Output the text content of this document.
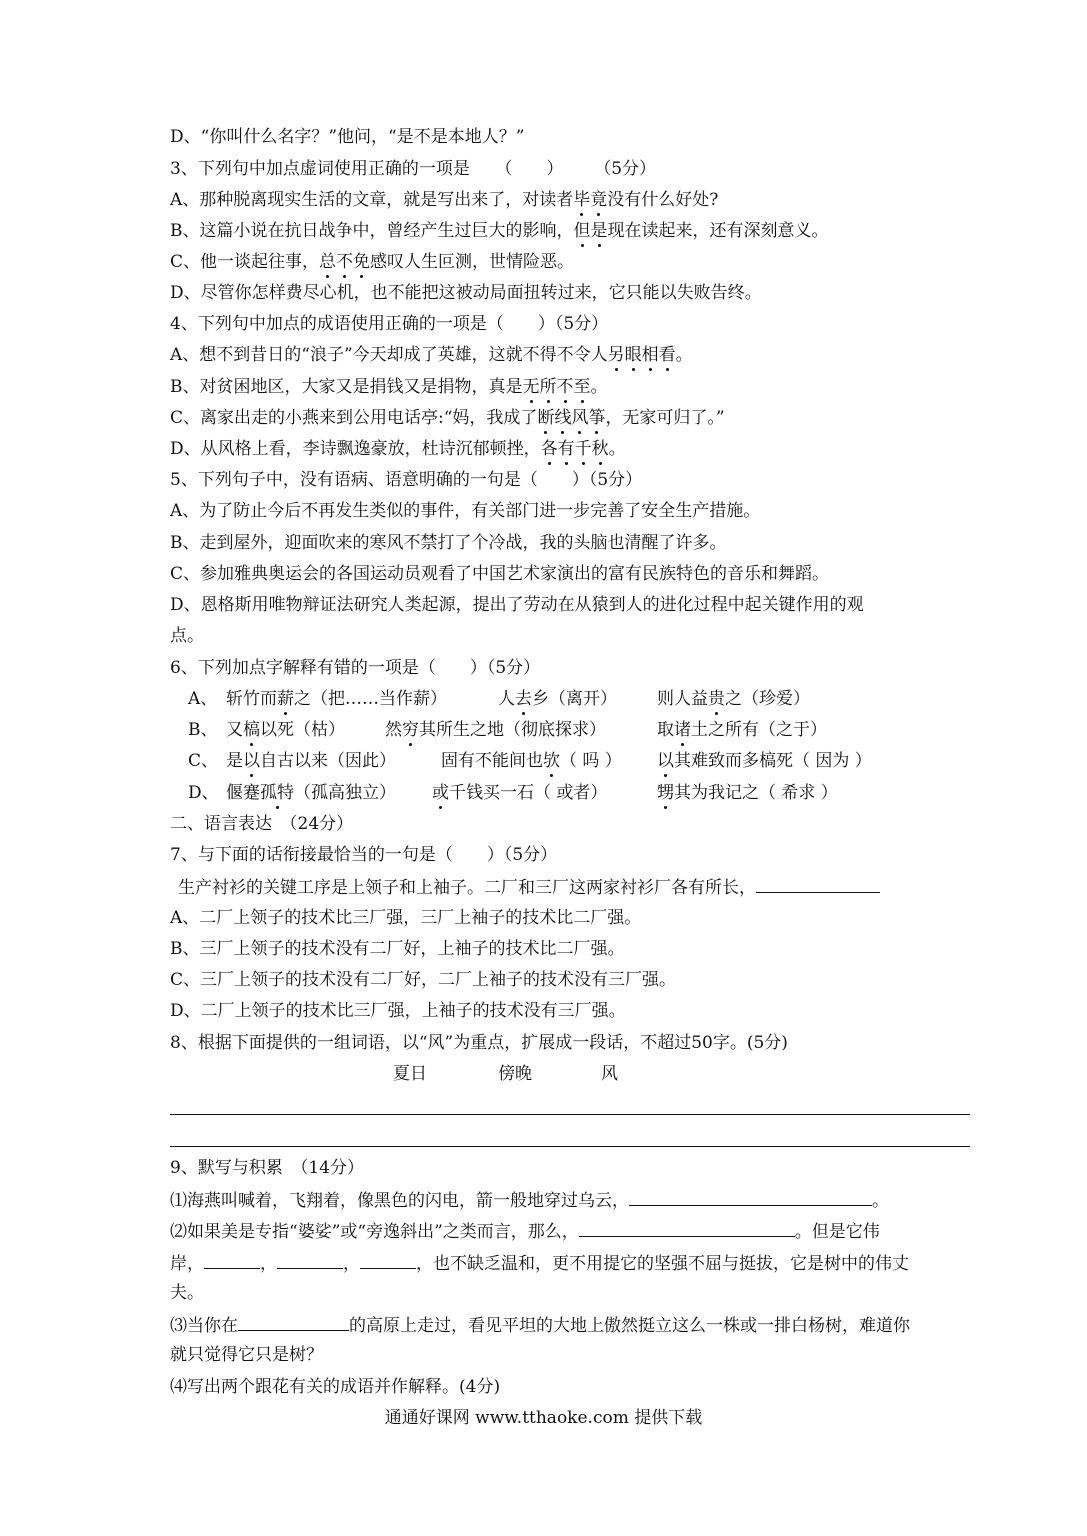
D、“你叫什么名字？”他问，“是不是本地人？”
3、下列句中加点虚词使用正确的一项是　　（　　）　　 （5分）
A、那种脱离现实生活的文章，就是写出来了，对读者毕竟没有什么好处?
B、这篇小说在抗日战争中，曾经产生过巨大的影响，但是现在读起来，还有深刻意义。
C、他一谈起往事，总不免感叹人生叵测，世情险恶。
D、尽管你怎样费尽心机，也不能把这被动局面扭转过来，它只能以失败告终。
4、下列句中加点的成语使用正确的一项是（　　）（5分）
A、想不到昔日的“浪子”今天却成了英雄，这就不得不令人另眼相看。
B、对贫困地区，大家又是捐钱又是捐物，真是无所不至。
C、离家出走的小燕来到公用电话亭:“妈，我成了断线风筝，无家可归了。”
D、从风格上看，李诗飘逸豪放，杜诗沉郁顿挫，各有千秋。
5、下列句子中，没有语病、语意明确的一句是（　　）（5分）
A、为了防止今后不再发生类似的事件，有关部门进一步完善了安全生产措施。
B、走到屋外，迎面吹来的寒风不禁打了个冷战，我的头脑也清醒了许多。
C、参加雅典奥运会的各国运动员观看了中国艺术家演出的富有民族特色的音乐和舞蹈。
D、恩格斯用唯物辩证法研究人类起源，提出了劳动在从猿到人的进化过程中起关键作用的观
点。
6、下列加点字解释有错的一项是（　　）（5分）
A、 斩竹而薪之（把……当作薪）	人去乡（离开） 则人益贵之（珍爱）
B、 又槁以死（枯） 然穷其所生之地（彻底探求）	取诸土之所有（之于）
C、 是以自古以来（因此）	固有不能间也欤（ 吗 ） 以其难致而多槁死（ 因为 ）
D、 偃蹇孤特（孤高独立） 或千钱买一石（ 或者）	甥其为我记之（ 希求 ）
二、语言表达　（24分）
7、与下面的话衔接最恰当的一句是（　　）（5分）
生产衬衫的关键工序是上领子和上袖子。二厂和三厂这两家衬衫厂各有所长，
A、二厂上领子的技术比三厂强，三厂上袖子的技术比二厂强。
B、三厂上领子的技术没有二厂好，上袖子的技术比二厂强。
C、三厂上领子的技术没有二厂好，二厂上袖子的技术没有三厂强。
D、二厂上领子的技术比三厂强，上袖子的技术没有三厂强。
8、根据下面提供的一组词语，以“风”为重点，扩展成一段话，不超过50字。(5分)
夏日	傍晚	风
9、默写与积累　（14分）
⑴海燕叫喊着，飞翔着，像黑色的闪电，箭一般地穿过乌云，	。
⑵如果美是专指“婆娑”或“旁逸斜出”之类而言，那么，	。但是它伟
岸，	，	，	，也不缺乏温和，更不用提它的坚强不屈与挺拔，它是树中的伟丈
夫。
⑶当你在	的高原上走过，看见平坦的大地上傲然挺立这么一株或一排白杨树，难道你
就只觉得它只是树？
⑷写出两个跟花有关的成语并作解释。(4分)
通通好课网 www.tthaoke.com 提供下载
